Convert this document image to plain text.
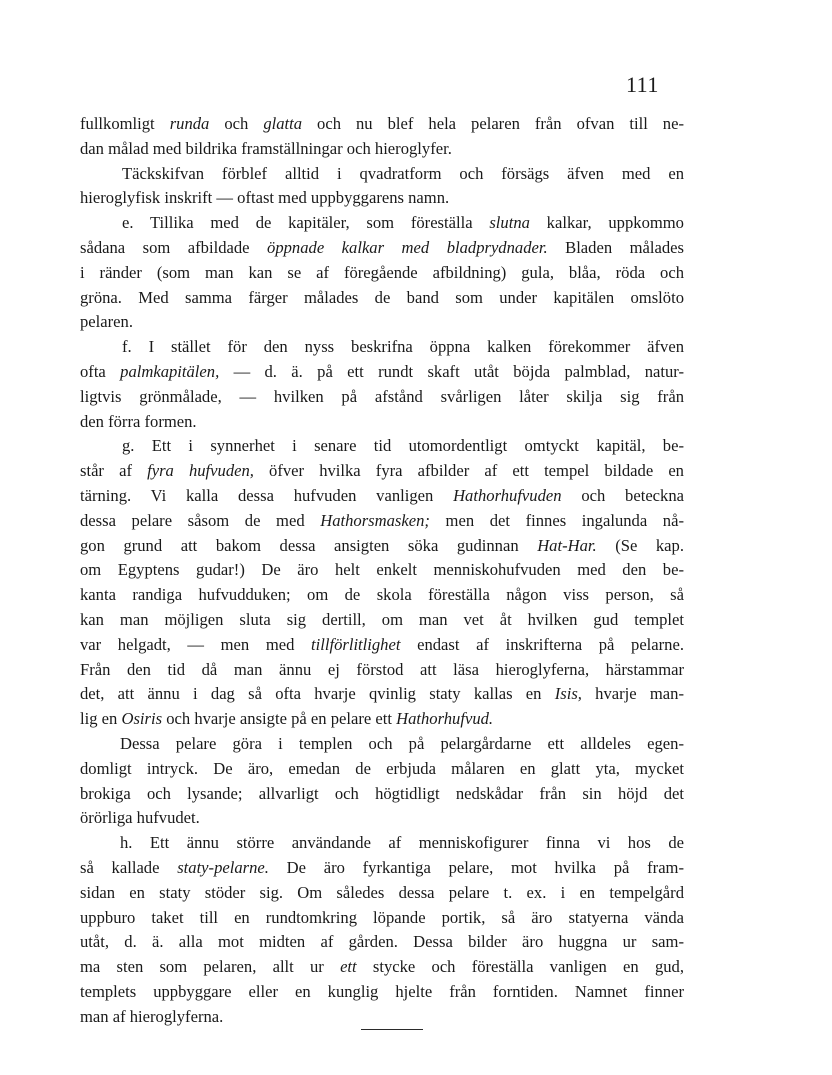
111
fullkomligt runda och glatta och nu blef hela pelaren från ofvan till ne-
dan målad med bildrika framställningar och hieroglyfer.
Täckskifvan förblef alltid i qvadratform och försägs äfven med en
hieroglyfisk inskrift — oftast med uppbyggarens namn.
e. Tillika med de kapitäler, som föreställa slutna kalkar, uppkommo
sådana som afbildade öppnade kalkar med bladprydnader. Bladen målades
i ränder (som man kan se af föregående afbildning) gula, blåa, röda och
gröna. Med samma färger målades de band som under kapitälen omslöto
pelaren.
f. I stället för den nyss beskrifna öppna kalken förekommer äfven
ofta palmkapitälen, — d. ä. på ett rundt skaft utåt böjda palmblad, natur-
ligtvis grönmålade, — hvilken på afstånd svårligen låter skilja sig från
den förra formen.
g. Ett i synnerhet i senare tid utomordentligt omtyckt kapitäl, be-
står af fyra hufvuden, öfver hvilka fyra afbilder af ett tempel bildade en
tärning. Vi kalla dessa hufvuden vanligen Hathorhufvuden och beteckna
dessa pelare såsom de med Hathorsmasken; men det finnes ingalunda nå-
gon grund att bakom dessa ansigten söka gudinnan Hat-Har. (Se kap.
om Egyptens gudar!) De äro helt enkelt menniskohufvuden med den be-
kanta randiga hufvudduken; om de skola föreställa någon viss person, så
kan man möjligen sluta sig dertill, om man vet åt hvilken gud templet
var helgadt, — men med tillförlitlighet endast af inskrifterna på pelarne.
Från den tid då man ännu ej förstod att läsa hieroglyferna, härstammar
det, att ännu i dag så ofta hvarje qvinlig staty kallas en Isis, hvarje man-
lig en Osiris och hvarje ansigte på en pelare ett Hathorhufvud.
Dessa pelare göra i templen och på pelargårdarne ett alldeles egen-
domligt intryck. De äro, emedan de erbjuda målaren en glatt yta, mycket
brokiga och lysande; allvarligt och högtidligt nedskådar från sin höjd det
örörliga hufvudet.
h. Ett ännu större användande af menniskofigurer finna vi hos de
så kallade staty-pelarne. De äro fyrkantiga pelare, mot hvilka på fram-
sidan en staty stöder sig. Om således dessa pelare t. ex. i en tempelgård
uppburo taket till en rundtomkring löpande portik, så äro statyerna vända
utåt, d. ä. alla mot midten af gården. Dessa bilder äro huggna ur sam-
ma sten som pelaren, allt ur ett stycke och föreställa vanligen en gud,
templets uppbyggare eller en kunglig hjelte från forntiden. Namnet finner
man af hieroglyferna.
